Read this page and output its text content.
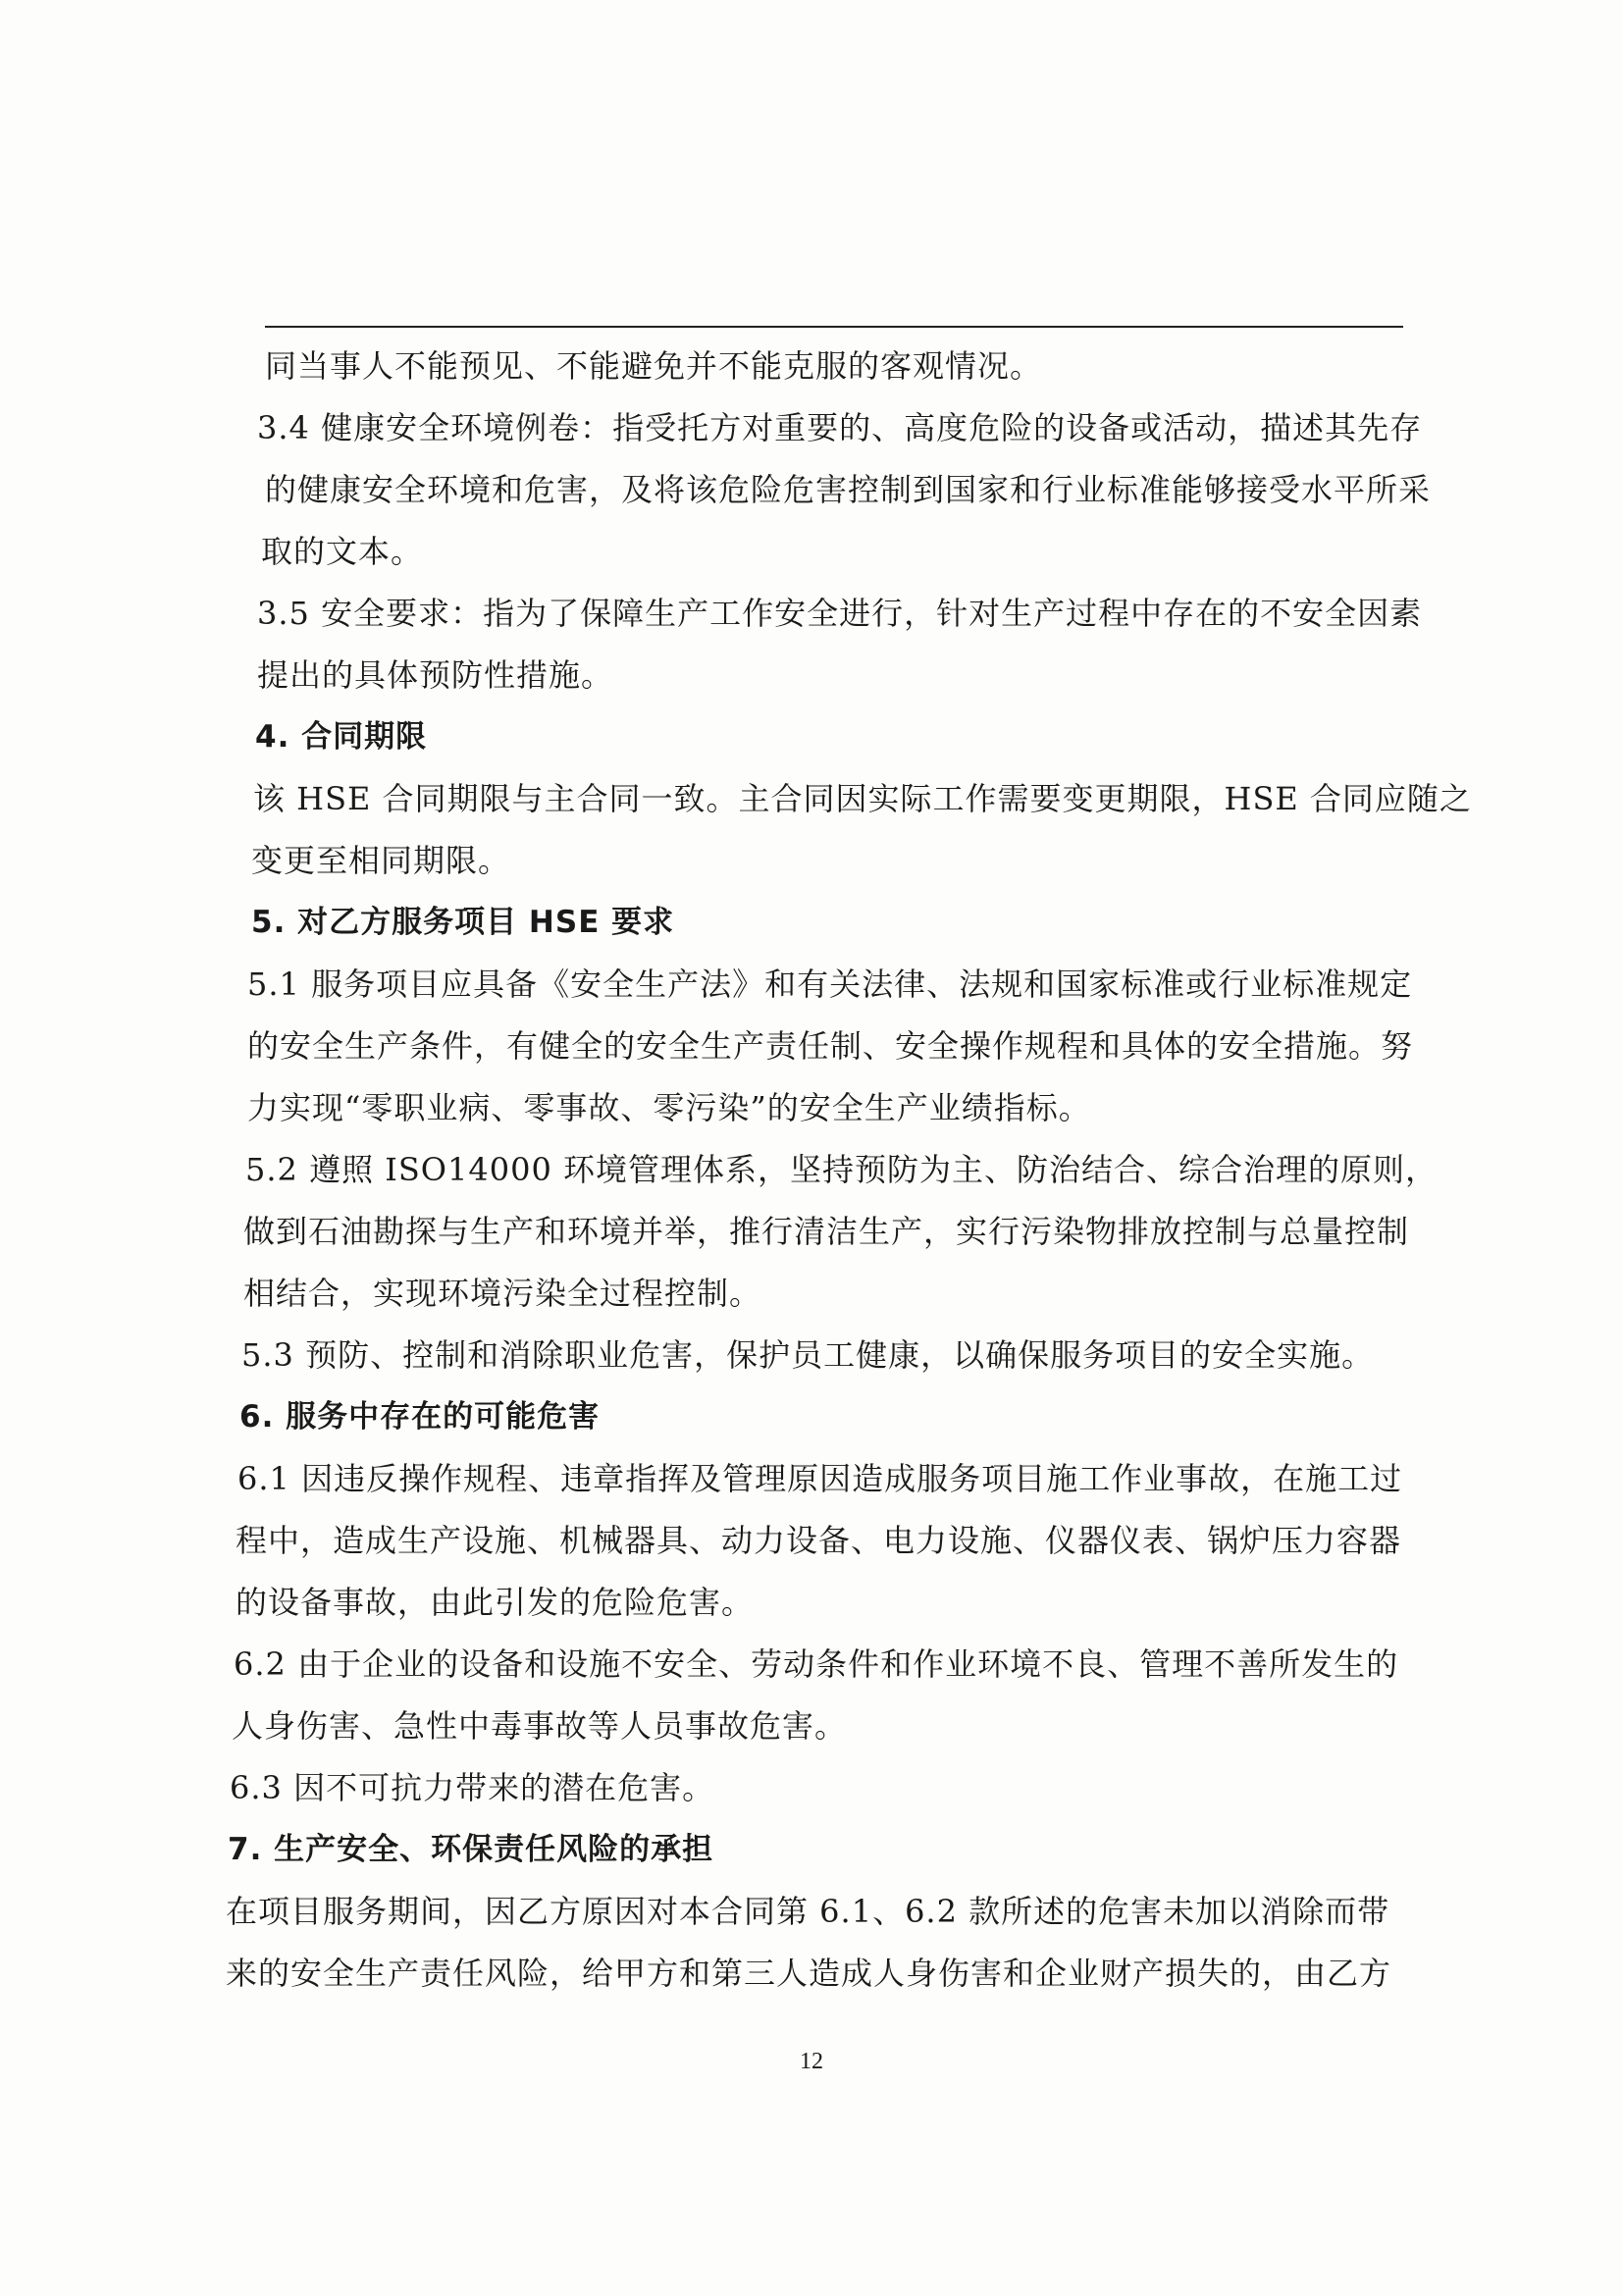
同当事人不能预见、不能避免并不能克服的客观情况。
3.4 健康安全环境例卷：指受托方对重要的、高度危险的设备或活动，描述其先存
的健康安全环境和危害，及将该危险危害控制到国家和行业标准能够接受水平所采
取的文本。
3.5 安全要求：指为了保障生产工作安全进行，针对生产过程中存在的不安全因素
提出的具体预防性措施。
4. 合同期限
该 HSE 合同期限与主合同一致。主合同因实际工作需要变更期限，HSE 合同应随之
变更至相同期限。
5. 对乙方服务项目 HSE 要求
5.1 服务项目应具备《安全生产法》和有关法律、法规和国家标准或行业标准规定
的安全生产条件，有健全的安全生产责任制、安全操作规程和具体的安全措施。努
力实现“零职业病、零事故、零污染”的安全生产业绩指标。
5.2 遵照 ISO14000 环境管理体系，坚持预防为主、防治结合、综合治理的原则，
做到石油勘探与生产和环境并举，推行清洁生产，实行污染物排放控制与总量控制
相结合，实现环境污染全过程控制。
5.3 预防、控制和消除职业危害，保护员工健康，以确保服务项目的安全实施。
6. 服务中存在的可能危害
6.1 因违反操作规程、违章指挥及管理原因造成服务项目施工作业事故，在施工过
程中，造成生产设施、机械器具、动力设备、电力设施、仪器仪表、锅炉压力容器
的设备事故，由此引发的危险危害。
6.2 由于企业的设备和设施不安全、劳动条件和作业环境不良、管理不善所发生的
人身伤害、急性中毒事故等人员事故危害。
6.3 因不可抗力带来的潜在危害。
7. 生产安全、环保责任风险的承担
在项目服务期间，因乙方原因对本合同第 6.1、6.2 款所述的危害未加以消除而带
来的安全生产责任风险，给甲方和第三人造成人身伤害和企业财产损失的，由乙方
12
